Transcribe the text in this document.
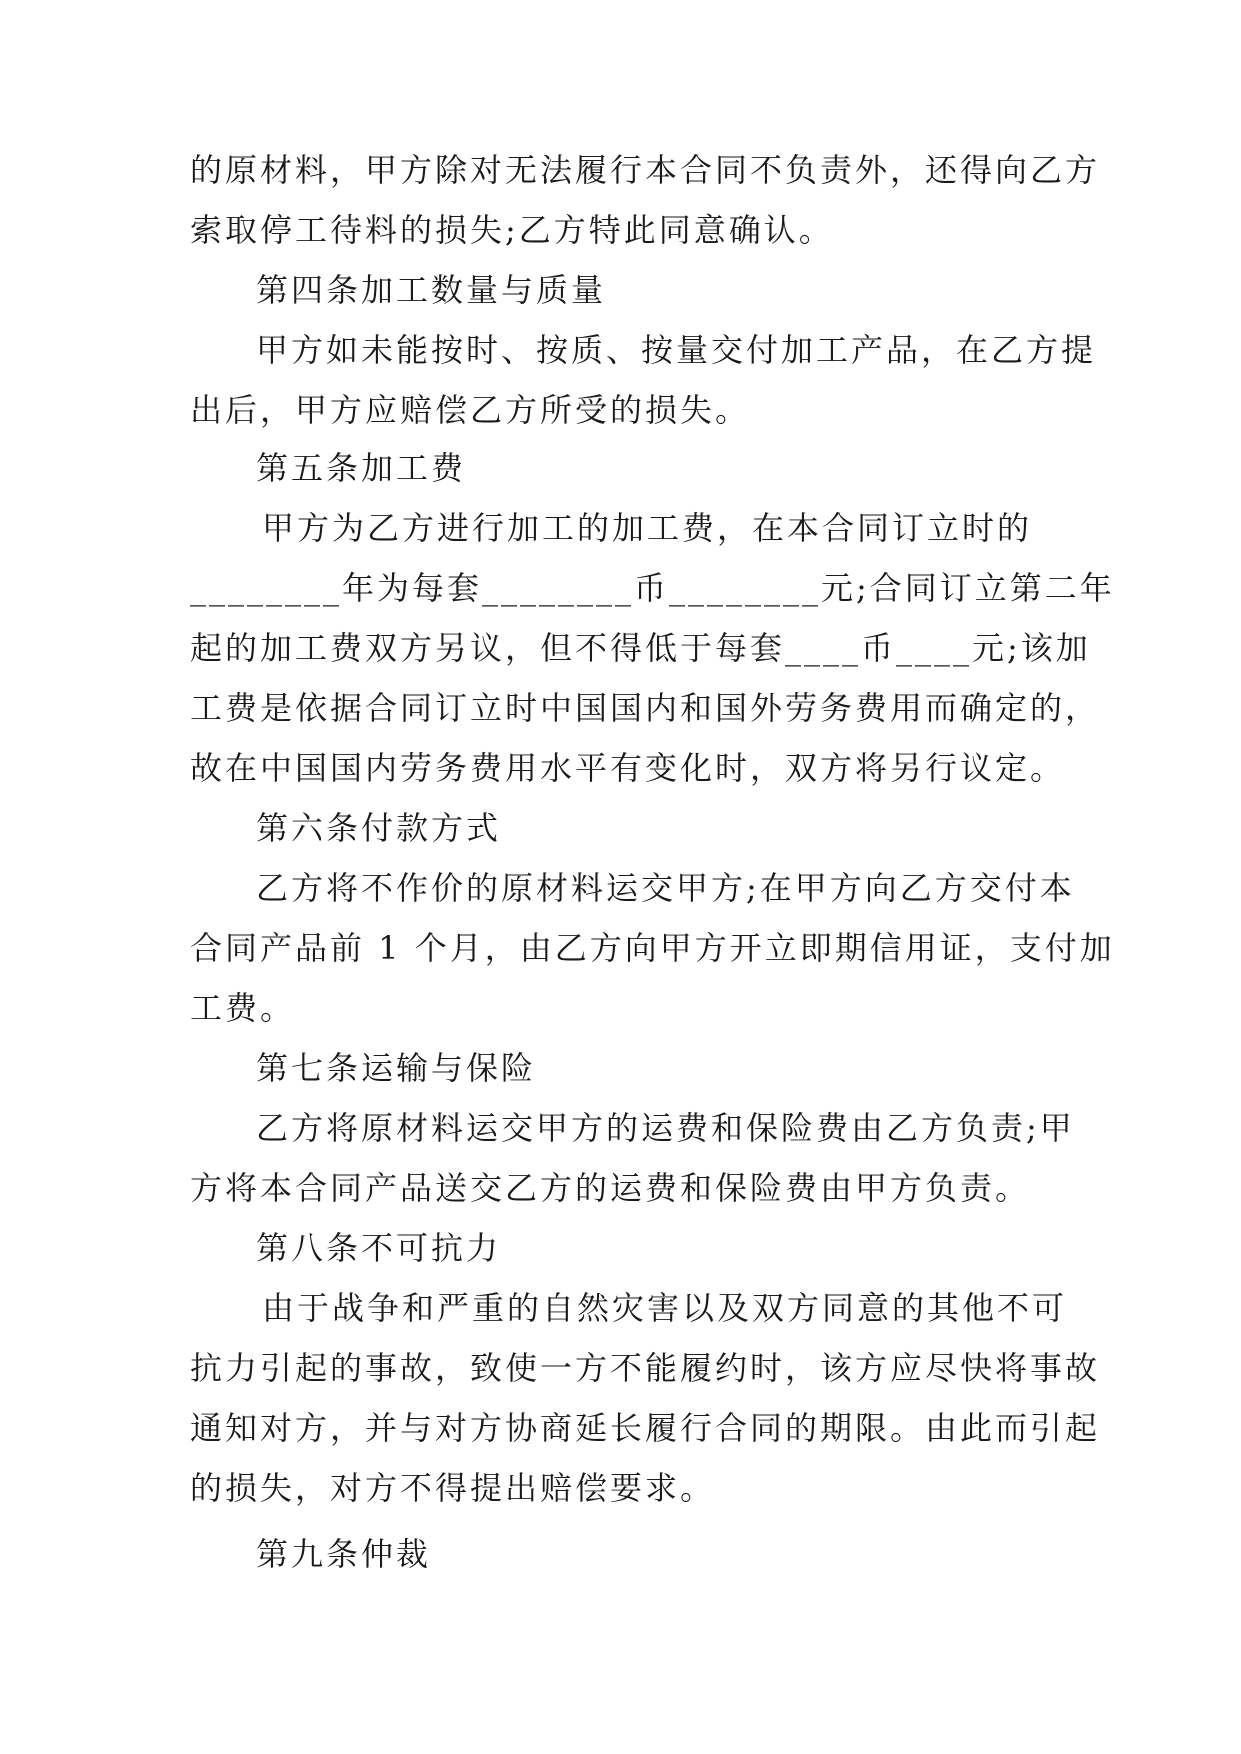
的原材料，甲方除对无法履行本合同不负责外，还得向乙方
索取停工待料的损失;乙方特此同意确认。
第四条加工数量与质量
甲方如未能按时、按质、按量交付加工产品，在乙方提
出后，甲方应赔偿乙方所受的损失。
第五条加工费
甲方为乙方进行加工的加工费，在本合同订立时的
________年为每套________币________元;合同订立第二年
起的加工费双方另议，但不得低于每套____币____元;该加
工费是依据合同订立时中国国内和国外劳务费用而确定的，
故在中国国内劳务费用水平有变化时，双方将另行议定。
第六条付款方式
乙方将不作价的原材料运交甲方;在甲方向乙方交付本
合同产品前 1 个月，由乙方向甲方开立即期信用证，支付加
工费。
第七条运输与保险
乙方将原材料运交甲方的运费和保险费由乙方负责;甲
方将本合同产品送交乙方的运费和保险费由甲方负责。
第八条不可抗力
由于战争和严重的自然灾害以及双方同意的其他不可
抗力引起的事故，致使一方不能履约时，该方应尽快将事故
通知对方，并与对方协商延长履行合同的期限。由此而引起
的损失，对方不得提出赔偿要求。
第九条仲裁
